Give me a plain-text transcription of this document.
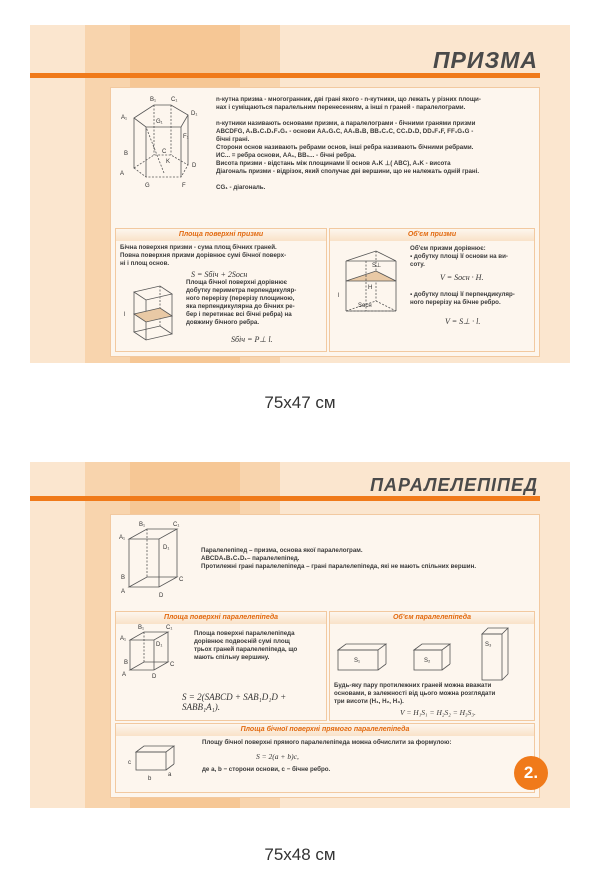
ПРИЗМА
B₁ C₁
A₁
D₁
G₁
F₁
B	C
A
D
G	F
K

n-кутна призма - многогранник, дві грані якого - n-кутники, що лежать у різних площи-

нах і суміщаються паралельним перенесенням, а інші n граней - паралелограми.

n-кутники називають основами призми, а паралелограми - бічними гранями призми

ABCDFG, A₁B₁C₁D₁F₁G₁ - основи AA₁G₁C, AA₁B₁B, BB₁C₁C, CC₁D₁D, DD₁F₁F, FF₁G₁G -

бічні грані.

Сторони основ називають ребрами основ, інші ребра називають бічними ребрами.

ИС... = ребра основи, AA₁, BB₁... - бічні ребра.

Висота призми - відстань між площинами її основ A₁K ⊥( ABC), A₁K - висота

Діагональ призми - відрізок, який сполучає дві вершини, що не належать одній грані.

CG₁ - діагональ.

Площа поверхні призми

Бічна поверхня призми - сума площ бічних граней.

Повна поверхня призми дорівнює сумі бічної поверх-

ні і площ основ.

S = Sбіч + 2Sосн
l

Площа бічної поверхні дорівнює

добутку периметра перпендикуляр-

ного перерізу (перерізу площиною,

яка перпендикулярна до бічних ре-

бер і перетинає всі бічні ребра) на

довжину бічного ребра.

Sбіч = P⊥ l.
Об'єм призми
l
H
Sосн
S⊥

Об'єм призми дорівнює:

▪ добутку площі її основи на ви-

соту.

V = Sосн · H.

▪ добутку площі її перпендикуляр-

ного перерізу на бічне ребро.

V = S⊥ · l.
75x47 см
ПАРАЛЕЛЕПІПЕД
B₁	C₁
A₁
D₁
B	C
A
D

Паралелепіпед – призма, основа якої паралелограм.

ABCDA₁B₁C₁D₁– паралелепіпед.

Протилежні грані паралелепіпеда – грані паралелепіпеда, які не мають спільних вершин.

Площа поверхні паралелепіпеда
B₁	C₁
A₁
D₁
B	C
A	D

Площа поверхні паралелепіпеда

дорівнює подвоєній сумі площ

трьох граней паралелепіпеда, що

мають спільну вершину.

S = 2(SABCD + SAB₁D₁D + SABB₁A₁).
Об'єм паралелепіпеда
S₁	S₂
S₃

Будь-яку пару протилежних граней можна вважати

основами, в залежності від цього можна розглядати

три висоти (H₁, H₂, H₃).

V = H₁S₁ = H₂S₂ = H₃S₃.
Площа бічної поверхні прямого паралелепіпеда
c
b
a

Площу бічної поверхні прямого паралелепіпеда можна обчислити за формулою:

S = 2(a + b)c,
де a, b − сторони основи, c − бічне ребро.	2.
75x48 см
